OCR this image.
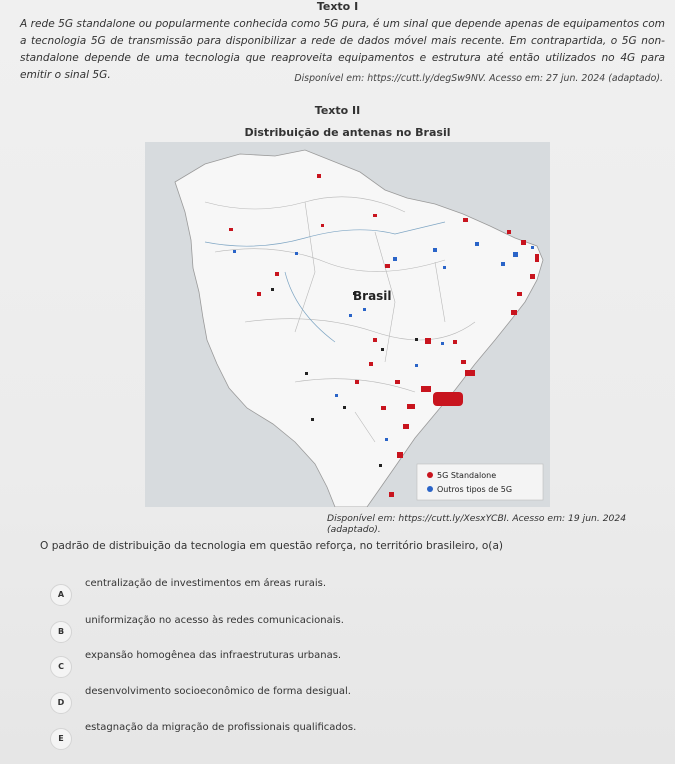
Texto I
A rede 5G standalone ou popularmente conhecida como 5G pura, é um sinal que depende apenas de equipamentos com a tecnologia 5G de transmissão para disponibilizar a rede de dados móvel mais recente. Em contrapartida, o 5G non-standalone depende de uma tecnologia que reaproveita equipamentos e estrutura até então utilizados no 4G para emitir o sinal 5G.	Disponível em: https://cutt.ly/degSw9NV. Acesso em: 27 jun. 2024 (adaptado).
Texto II
Distribuição de antenas no Brasil
Brasil
5G Standalone
Outros tipos de 5G
Disponível em: https://cutt.ly/XesxYCBI. Acesso em: 19 jun. 2024 (adaptado).
O padrão de distribuição da tecnologia em questão reforça, no território brasileiro, o(a)
A
centralização de investimentos em áreas rurais.
B
uniformização no acesso às redes comunicacionais.
C
expansão homogênea das infraestruturas urbanas.
D
desenvolvimento socioeconômico de forma desigual.
E
estagnação da migração de profissionais qualificados.
